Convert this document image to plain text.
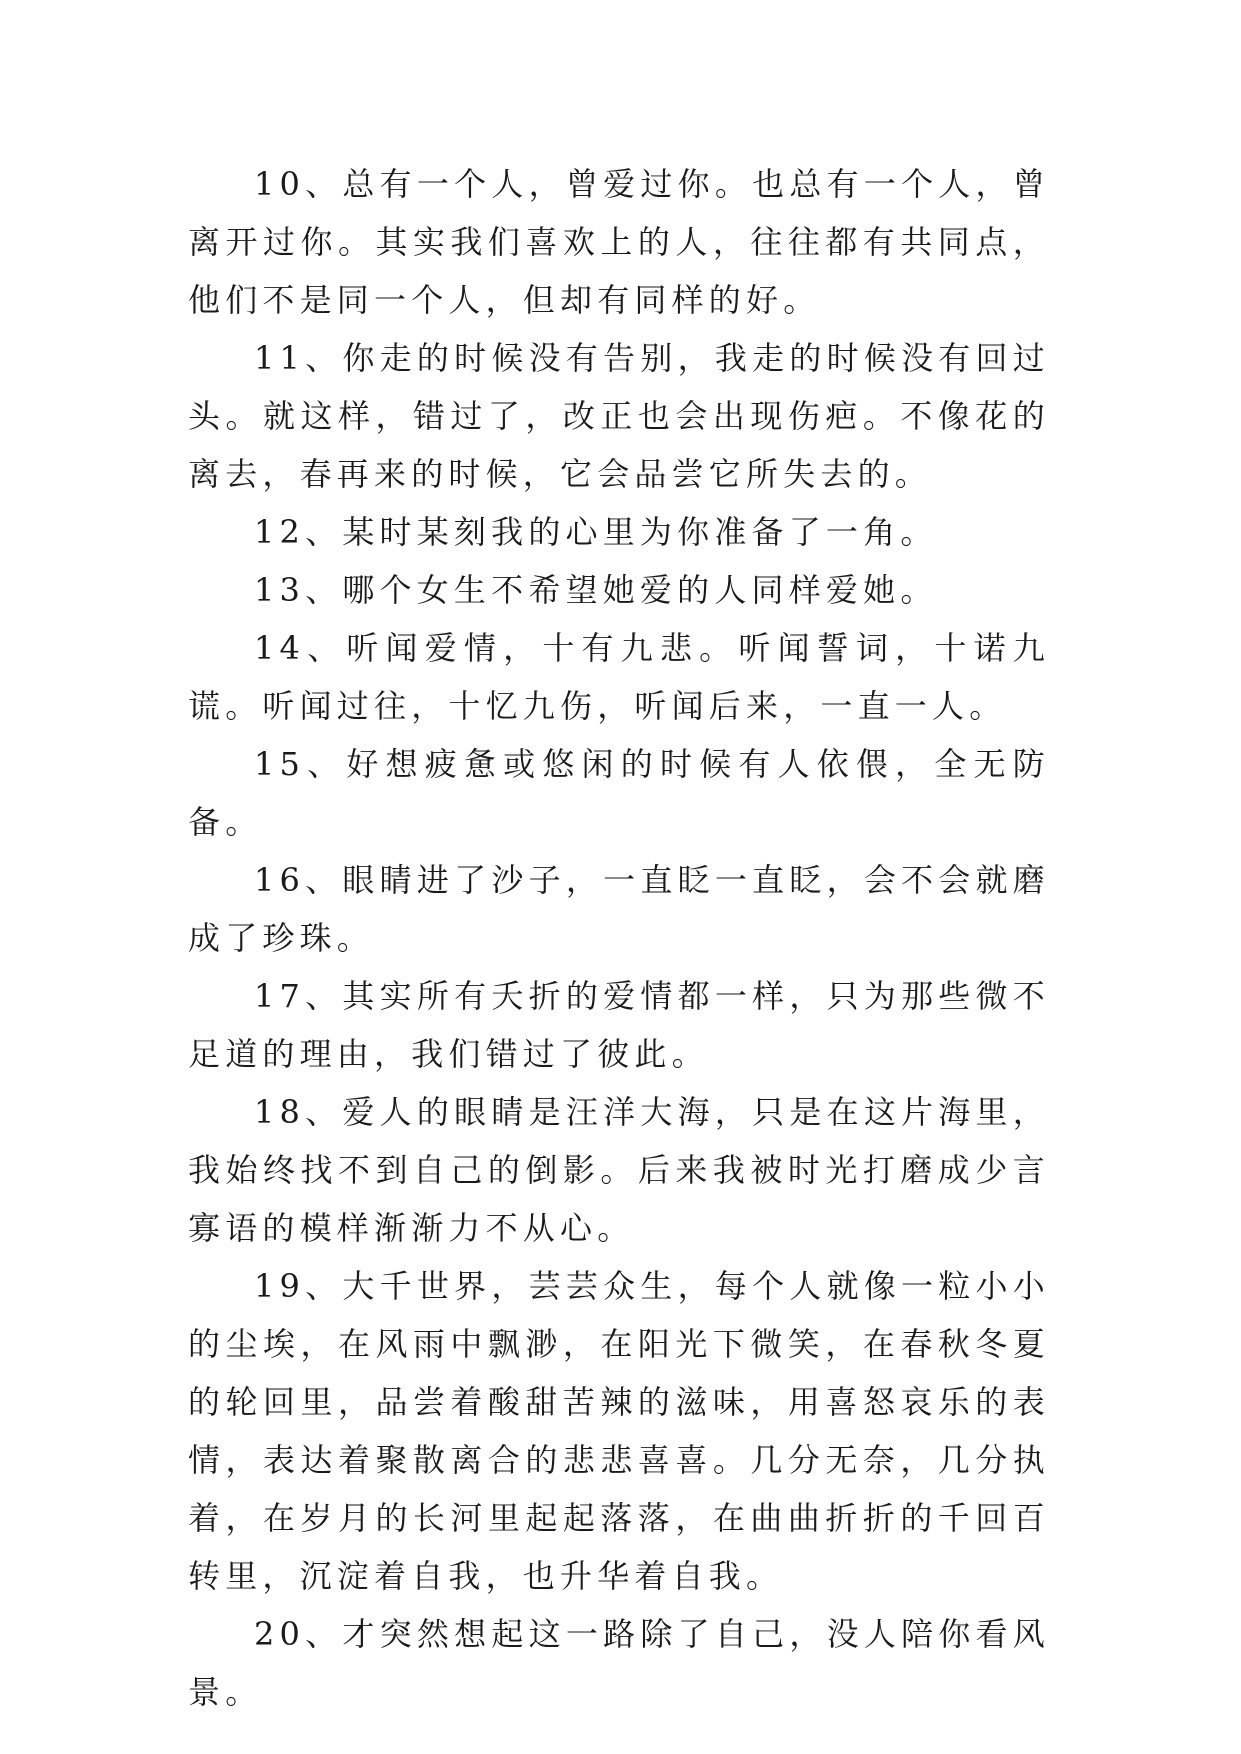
10、总有一个人，曾爱过你。也总有一个人，曾离开过你。其实我们喜欢上的人，往往都有共同点，他们不是同一个人，但却有同样的好。

11、你走的时候没有告别，我走的时候没有回过头。就这样，错过了，改正也会出现伤疤。不像花的离去，春再来的时候，它会品尝它所失去的。

12、某时某刻我的心里为你准备了一角。

13、哪个女生不希望她爱的人同样爱她。

14、听闻爱情，十有九悲。听闻誓词，十诺九谎。听闻过往，十忆九伤，听闻后来，一直一人。

15、好想疲惫或悠闲的时候有人依偎，全无防备。

16、眼睛进了沙子，一直眨一直眨，会不会就磨成了珍珠。

17、其实所有夭折的爱情都一样，只为那些微不足道的理由，我们错过了彼此。

18、爱人的眼睛是汪洋大海，只是在这片海里，我始终找不到自己的倒影。后来我被时光打磨成少言寡语的模样渐渐力不从心。

19、大千世界，芸芸众生，每个人就像一粒小小的尘埃，在风雨中飘渺，在阳光下微笑，在春秋冬夏的轮回里，品尝着酸甜苦辣的滋味，用喜怒哀乐的表情，表达着聚散离合的悲悲喜喜。几分无奈，几分执着，在岁月的长河里起起落落，在曲曲折折的千回百转里，沉淀着自我，也升华着自我。

20、才突然想起这一路除了自己，没人陪你看风景。
